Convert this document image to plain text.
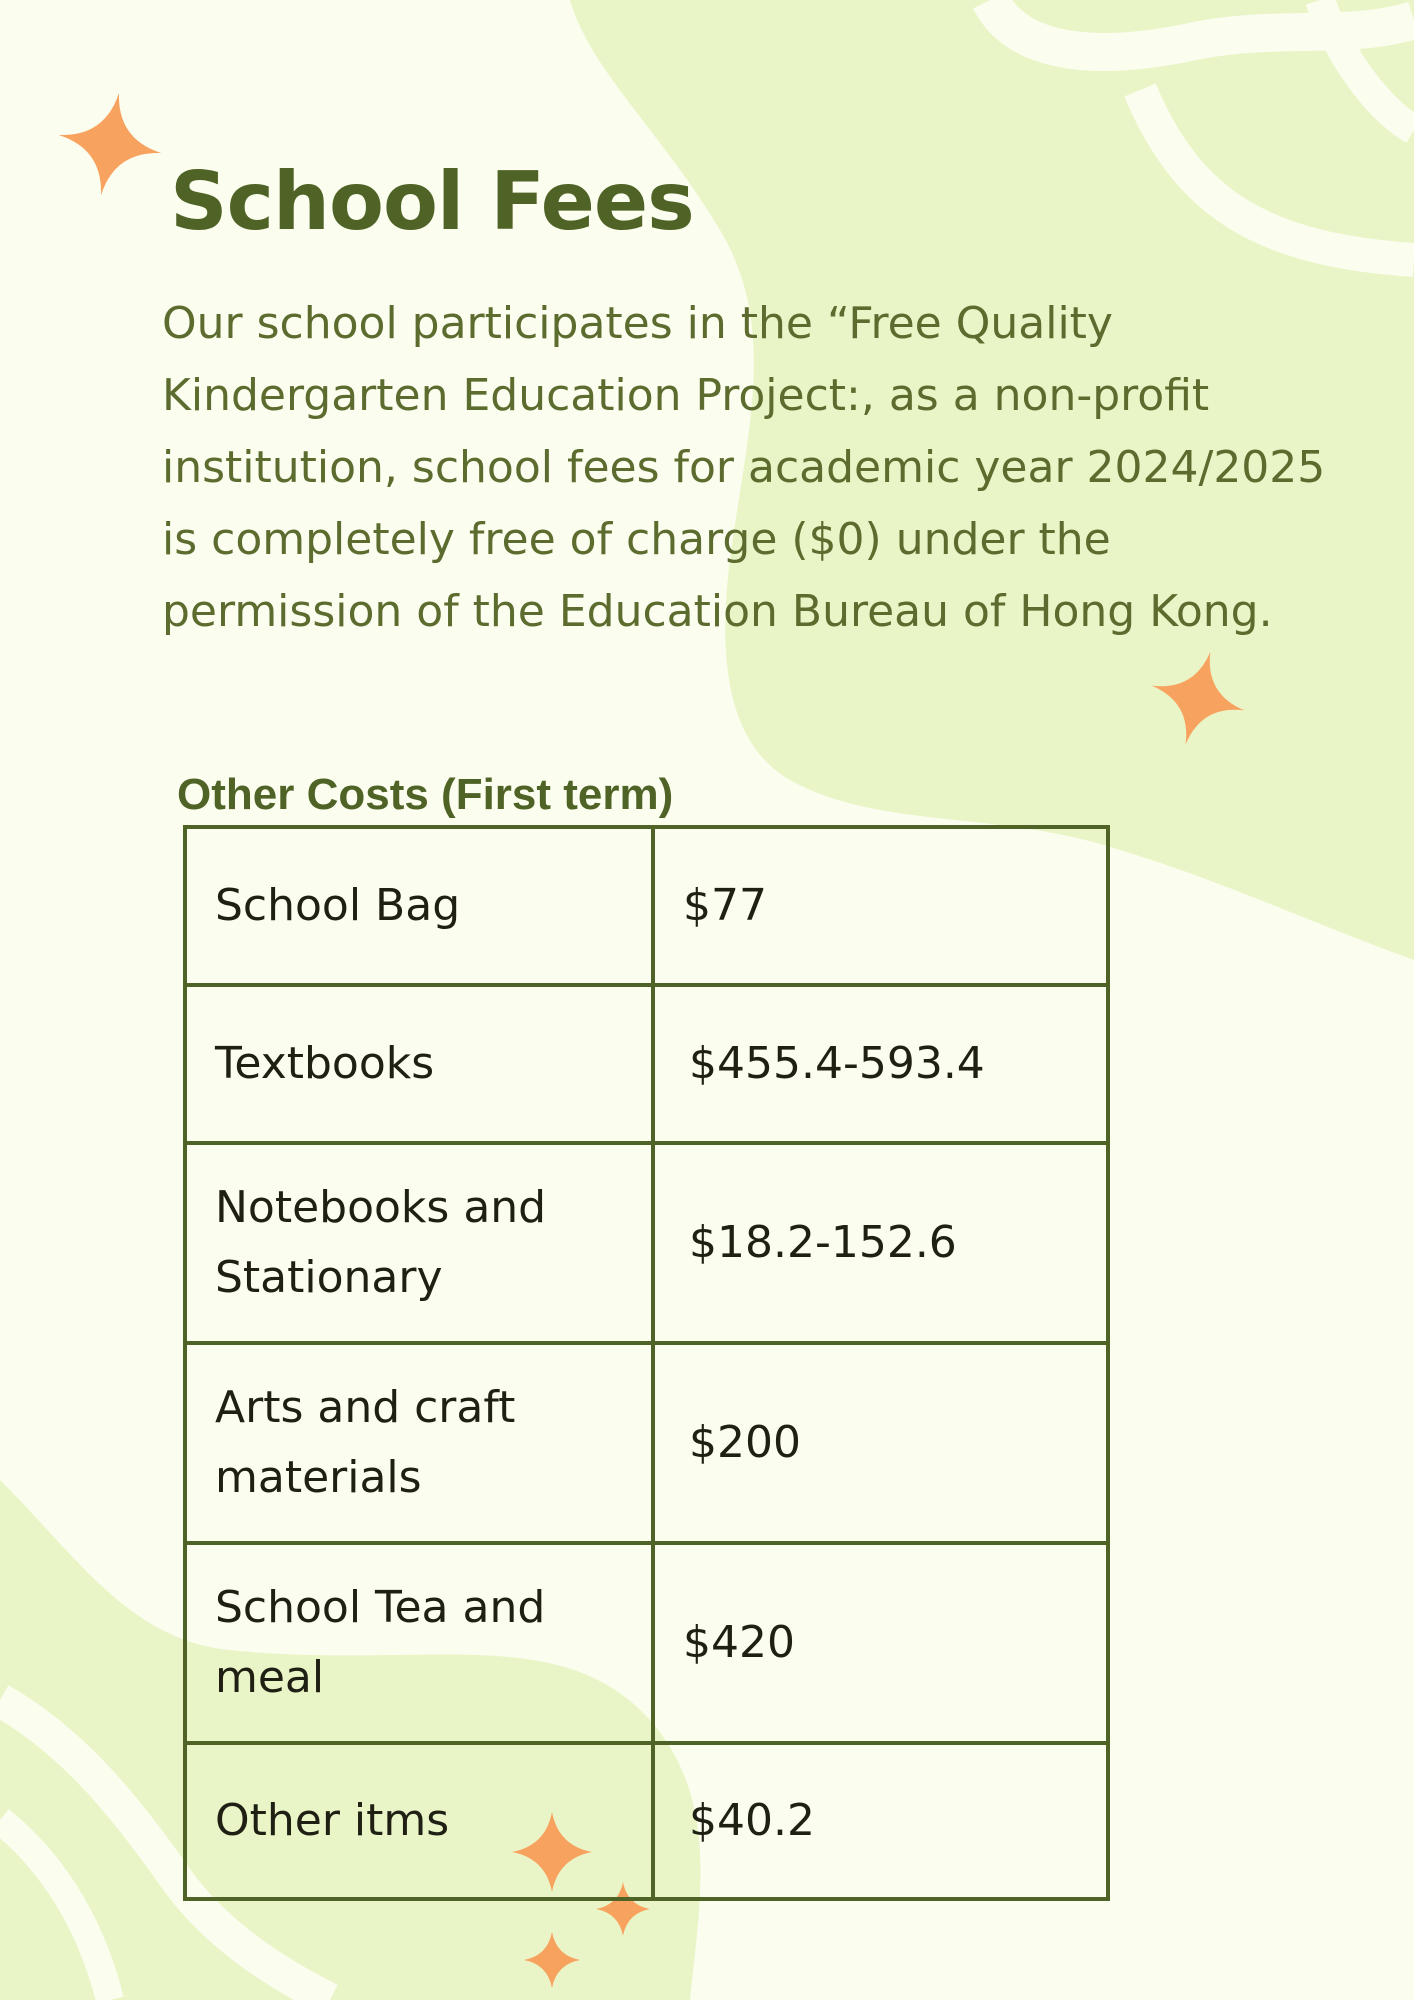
School Fees

Our school participates in the “Free Quality Kindergarten Education Project:, as a non-profit institution, school fees for academic year 2024/2025 is completely free of charge ($0) under the permission of the Education Bureau of Hong Kong.

Other Costs (First term)
School Bag	$77
Textbooks	$455.4-593.4
Notebooks and Stationary	$18.2-152.6
Arts and craft materials	$200
School Tea and meal	$420
Other itms	$40.2
